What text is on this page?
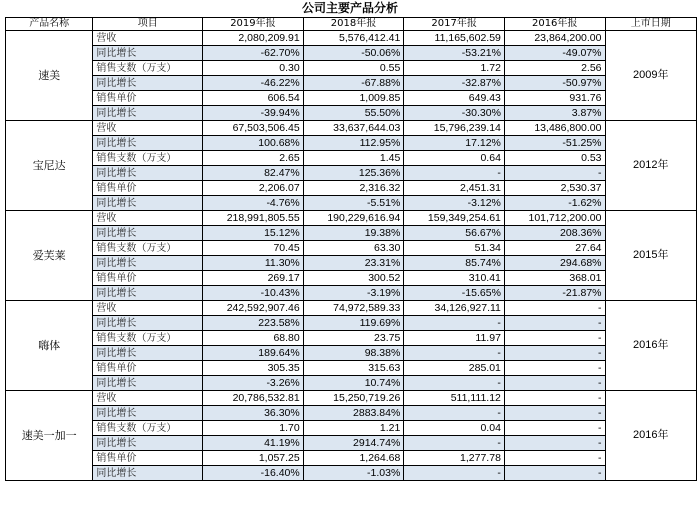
公司主要产品分析
产品名称	项目	2019年报	2018年报	2017年报	2016年报	上市日期
速美	营收	2,080,209.91	5,576,412.41	11,165,602.59	23,864,200.00	2009年
	同比增长	-62.70%	-50.06%	-53.21%	-49.07%	
	销售支数（万支）	0.30	0.55	1.72	2.56	
	同比增长	-46.22%	-67.88%	-32.87%	-50.97%	
	销售单价	606.54	1,009.85	649.43	931.76	
	同比增长	-39.94%	55.50%	-30.30%	3.87%	
宝尼达	营收	67,503,506.45	33,637,644.03	15,796,239.14	13,486,800.00	2012年
	同比增长	100.68%	112.95%	17.12%	-51.25%	
	销售支数（万支）	2.65	1.45	0.64	0.53	
	同比增长	82.47%	125.36%	-	-	
	销售单价	2,206.07	2,316.32	2,451.31	2,530.37	
	同比增长	-4.76%	-5.51%	-3.12%	-1.62%	
爱芙莱	营收	218,991,805.55	190,229,616.94	159,349,254.61	101,712,200.00	2015年
	同比增长	15.12%	19.38%	56.67%	208.36%	
	销售支数（万支）	70.45	63.30	51.34	27.64	
	同比增长	11.30%	23.31%	85.74%	294.68%	
	销售单价	269.17	300.52	310.41	368.01	
	同比增长	-10.43%	-3.19%	-15.65%	-21.87%	
嗨体	营收	242,592,907.46	74,972,589.33	34,126,927.11	-	2016年
	同比增长	223.58%	119.69%	-	-	
	销售支数（万支）	68.80	23.75	11.97	-	
	同比增长	189.64%	98.38%	-	-	
	销售单价	305.35	315.63	285.01	-	
	同比增长	-3.26%	10.74%	-	-	
速美一加一	营收	20,786,532.81	15,250,719.26	511,111.12	-	2016年
	同比增长	36.30%	2883.84%	-	-	
	销售支数（万支）	1.70	1.21	0.04	-	
	同比增长	41.19%	2914.74%	-	-	
	销售单价	1,057.25	1,264.68	1,277.78	-	
	同比增长	-16.40%	-1.03%	-	-	
